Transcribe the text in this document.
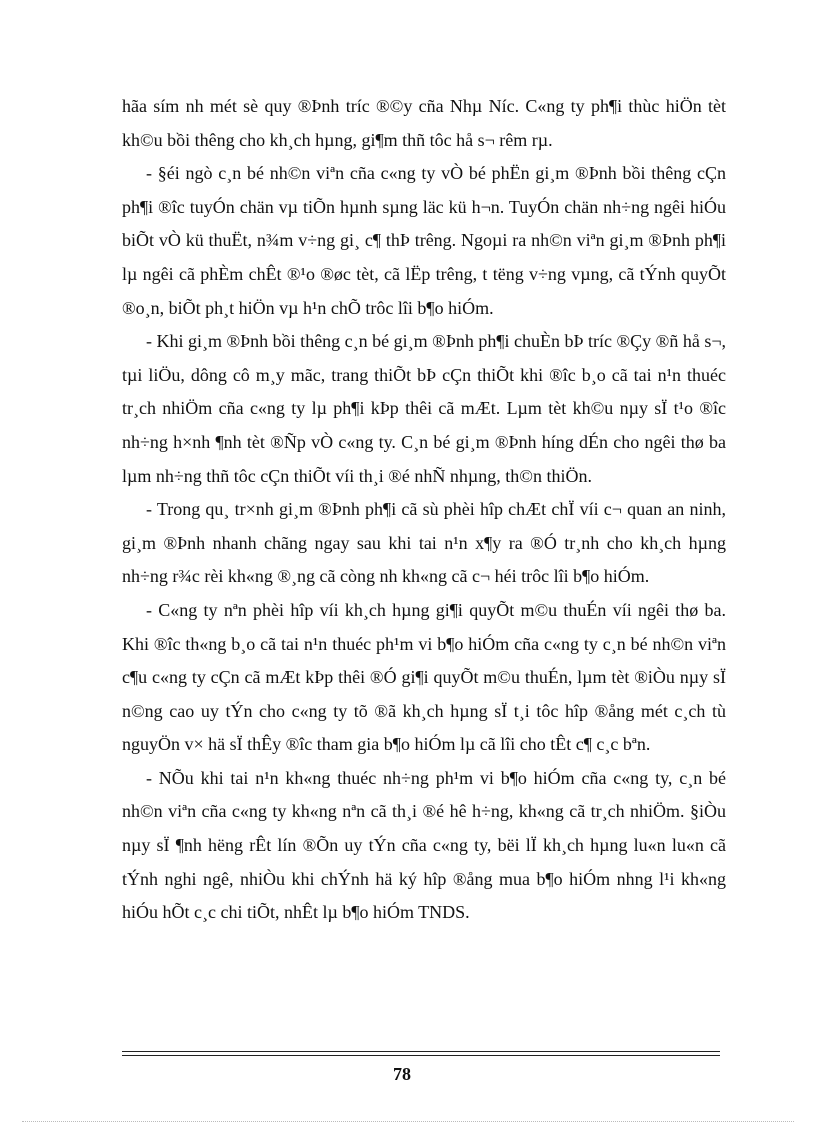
hãa sím nh mét sè quy ®Þnh tríc ®©y cña Nhµ Níc. C«ng ty ph¶i thùc hiÖn tèt kh©u bồi thêng cho kh¸ch hµng, gi¶m thñ tôc hå s¬ rêm rµ.

- §éi ngò c¸n bé nh©n viªn cña c«ng ty vÒ bé phËn gi¸m ®Þnh bồi thêng cÇn ph¶i ®îc tuyÓn chän vµ tiÕn hµnh sµng läc kü h¬n. TuyÓn chän nh÷ng ngêi hiÓu biÕt vÒ kü thuËt, n¾m v÷ng gi¸ c¶ thÞ trêng. Ngoµi ra nh©n viªn gi¸m ®Þnh ph¶i lµ ngêi cã phÈm chÊt ®¹o ®øc tèt, cã lËp trêng, t tëng v÷ng vµng, cã tÝnh quyÕt ®o¸n, biÕt ph¸t hiÖn vµ h¹n chÕ trôc lîi b¶o hiÓm.

- Khi gi¸m ®Þnh bồi thêng c¸n bé gi¸m ®Þnh ph¶i chuÈn bÞ tríc ®Çy ®ñ hå s¬, tµi liÖu, dông cô m¸y mãc, trang thiÕt bÞ cÇn thiÕt khi ®îc b¸o cã tai n¹n thuéc tr¸ch nhiÖm cña c«ng ty lµ ph¶i kÞp thêi cã mÆt. Lµm tèt kh©u nµy sÏ t¹o ®îc nh÷ng h×nh ¶nh tèt ®Ñp vÒ c«ng ty. C¸n bé gi¸m ®Þnh híng dÉn cho ngêi thø ba lµm nh÷ng thñ tôc cÇn thiÕt víi th¸i ®é nhÑ nhµng, th©n thiÖn.

- Trong qu¸ tr×nh gi¸m ®Þnh ph¶i cã sù phèi hîp chÆt chÏ víi c¬ quan an ninh, gi¸m ®Þnh nhanh chãng ngay sau khi tai n¹n x¶y ra ®Ó tr¸nh cho kh¸ch hµng nh÷ng r¾c rèi kh«ng ®¸ng cã còng nh kh«ng cã c¬ héi trôc lîi b¶o hiÓm.

- C«ng ty nªn phèi hîp víi kh¸ch hµng gi¶i quyÕt m©u thuÉn víi ngêi thø ba. Khi ®îc th«ng b¸o cã tai n¹n thuéc ph¹m vi b¶o hiÓm cña c«ng ty c¸n bé nh©n viªn c¶u c«ng ty cÇn cã mÆt kÞp thêi ®Ó gi¶i quyÕt m©u thuÉn, lµm tèt ®iÒu nµy sÏ n©ng cao uy tÝn cho c«ng ty tõ ®ã kh¸ch hµng sÏ t¸i tôc hîp ®ång mét c¸ch tù nguyÖn v× hä sÏ thÊy ®îc tham gia b¶o hiÓm lµ cã lîi cho tÊt c¶ c¸c bªn.

- NÕu khi tai n¹n kh«ng thuéc nh÷ng ph¹m vi b¶o hiÓm cña c«ng ty, c¸n bé nh©n viªn cña c«ng ty kh«ng nªn cã th¸i ®é hê h÷ng, kh«ng cã tr¸ch nhiÖm. §iÒu nµy sÏ ¶nh hëng rÊt lín ®Õn uy tÝn cña c«ng ty, bëi lÏ kh¸ch hµng lu«n lu«n cã tÝnh nghi ngê, nhiÒu khi chÝnh hä ký hîp ®ång mua b¶o hiÓm nhng l¹i kh«ng hiÓu hÕt c¸c chi tiÕt, nhÊt lµ b¶o hiÓm TNDS.

78
